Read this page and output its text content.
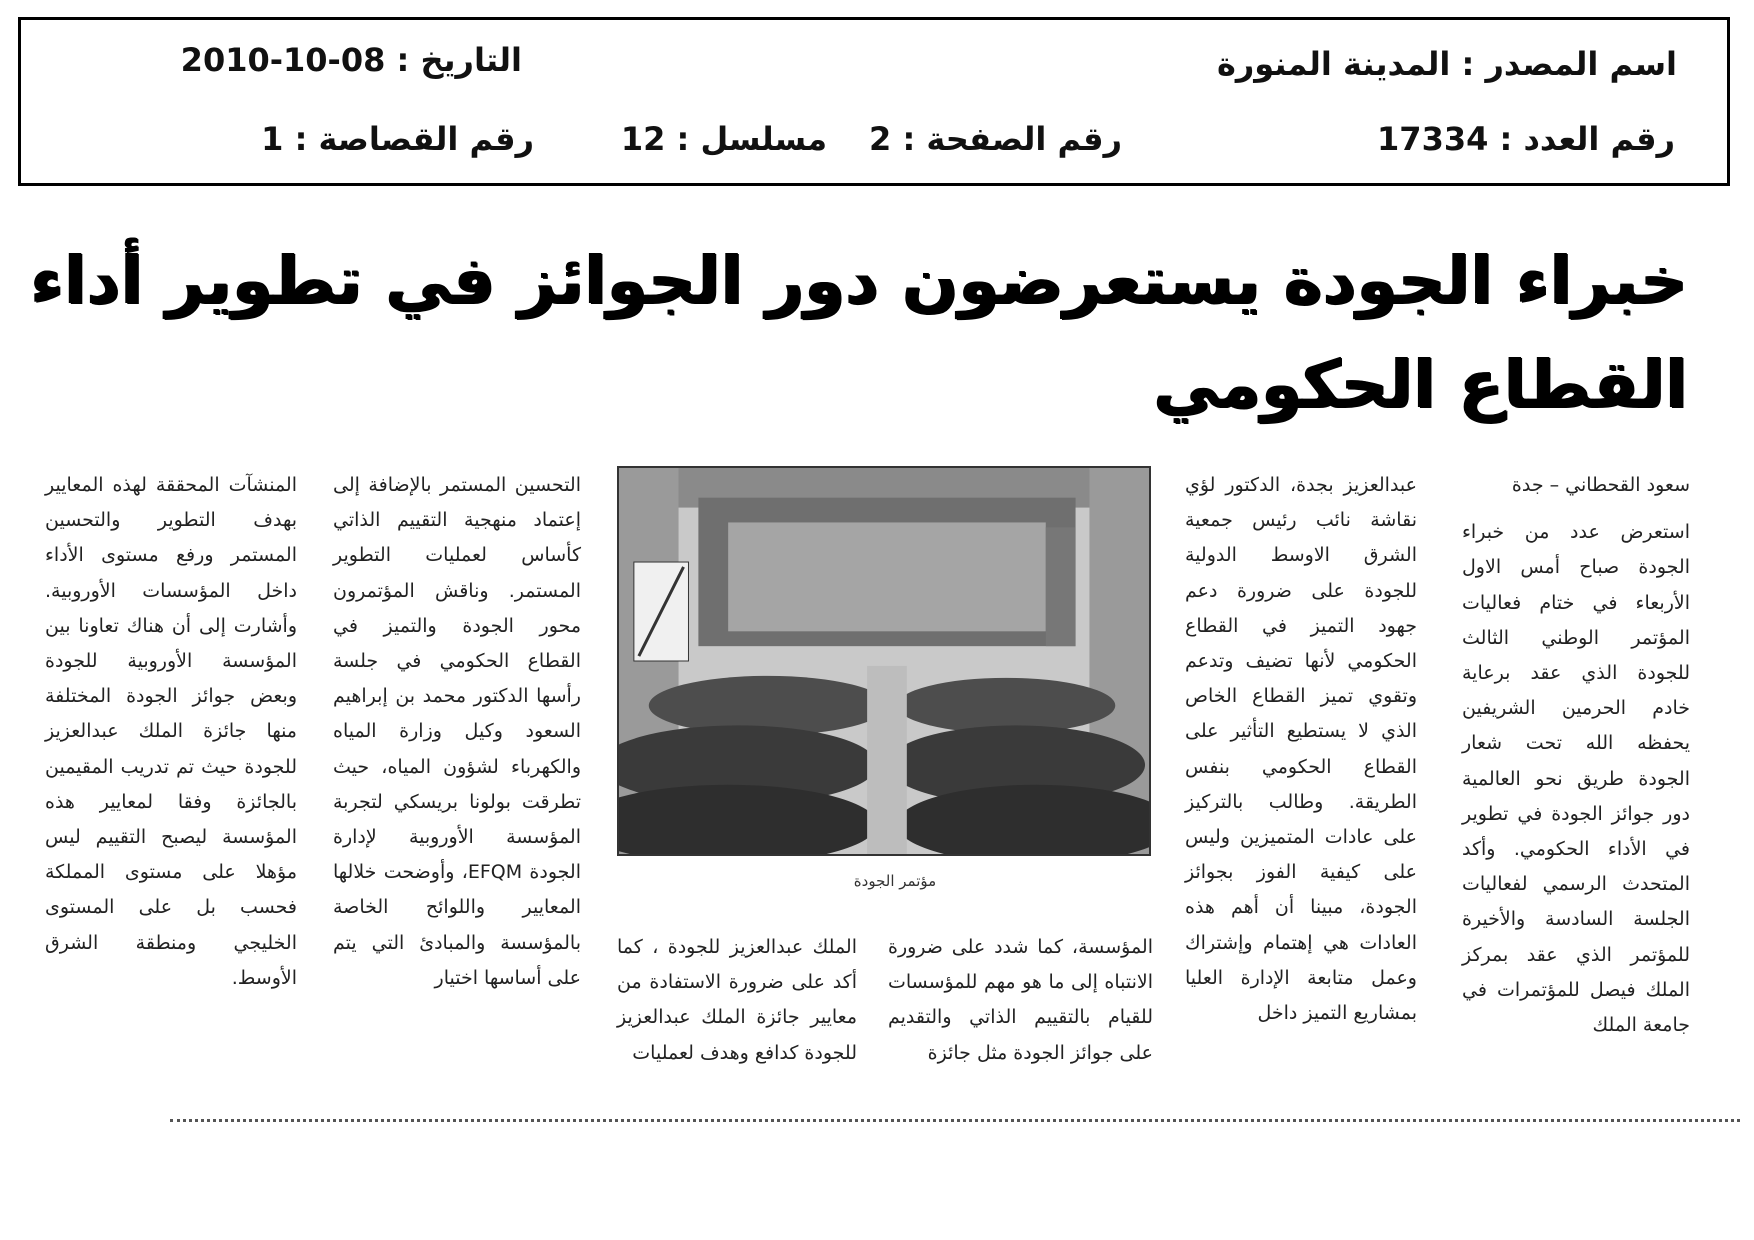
اسم المصدر : المدينة المنورة
التاريخ : 08-10-2010
رقم العدد : 17334
رقم الصفحة : 2
مسلسل : 12
رقم القصاصة : 1
خبراء الجودة يستعرضون دور الجوائز في تطوير أداء
القطاع الحكومي

سعود القحطاني – جدة

استعرض عدد من خبراء الجودة صباح أمس الاول الأربعاء في ختام فعاليات المؤتمر الوطني الثالث للجودة الذي عقد برعاية خادم الحرمين الشريفين يحفظه الله تحت شعار الجودة طريق نحو العالمية دور جوائز الجودة في تطوير في الأداء الحكومي. وأكد المتحدث الرسمي لفعاليات الجلسة السادسة والأخيرة للمؤتمر الذي عقد بمركز الملك فيصل للمؤتمرات في جامعة الملك

عبدالعزيز بجدة، الدكتور لؤي نقاشة نائب رئيس جمعية الشرق الاوسط الدولية للجودة على ضرورة دعم جهود التميز في القطاع الحكومي لأنها تضيف وتدعم وتقوي تميز القطاع الخاص الذي لا يستطيع التأثير على القطاع الحكومي بنفس الطريقة. وطالب بالتركيز على عادات المتميزين وليس على كيفية الفوز بجوائز الجودة، مبينا أن أهم هذه العادات هي إهتمام وإشتراك وعمل متابعة الإدارة العليا بمشاريع التميز داخل

مؤتمر الجودة

المؤسسة، كما شدد على ضرورة الانتباه إلى ما هو مهم للمؤسسات للقيام بالتقييم الذاتي والتقديم على جوائز الجودة مثل جائزة

الملك عبدالعزيز للجودة ، كما أكد على ضرورة الاستفادة من معايير جائزة الملك عبدالعزيز للجودة كدافع وهدف لعمليات

التحسين المستمر بالإضافة إلى إعتماد منهجية التقييم الذاتي كأساس لعمليات التطوير المستمر. وناقش المؤتمرون محور الجودة والتميز في القطاع الحكومي في جلسة رأسها الدكتور محمد بن إبراهيم السعود وكيل وزارة المياه والكهرباء لشؤون المياه، حيث تطرقت بولونا بريسكي لتجربة المؤسسة الأوروبية لإدارة الجودة EFQM، وأوضحت خلالها المعايير واللوائح الخاصة بالمؤسسة والمبادئ التي يتم على أساسها اختيار

المنشآت المحققة لهذه المعايير بهدف التطوير والتحسين المستمر ورفع مستوى الأداء داخل المؤسسات الأوروبية. وأشارت إلى أن هناك تعاونا بين المؤسسة الأوروبية للجودة وبعض جوائز الجودة المختلفة منها جائزة الملك عبدالعزيز للجودة حيث تم تدريب المقيمين بالجائزة وفقا لمعايير هذه المؤسسة ليصبح التقييم ليس مؤهلا على مستوى المملكة فحسب بل على المستوى الخليجي ومنطقة الشرق الأوسط.
